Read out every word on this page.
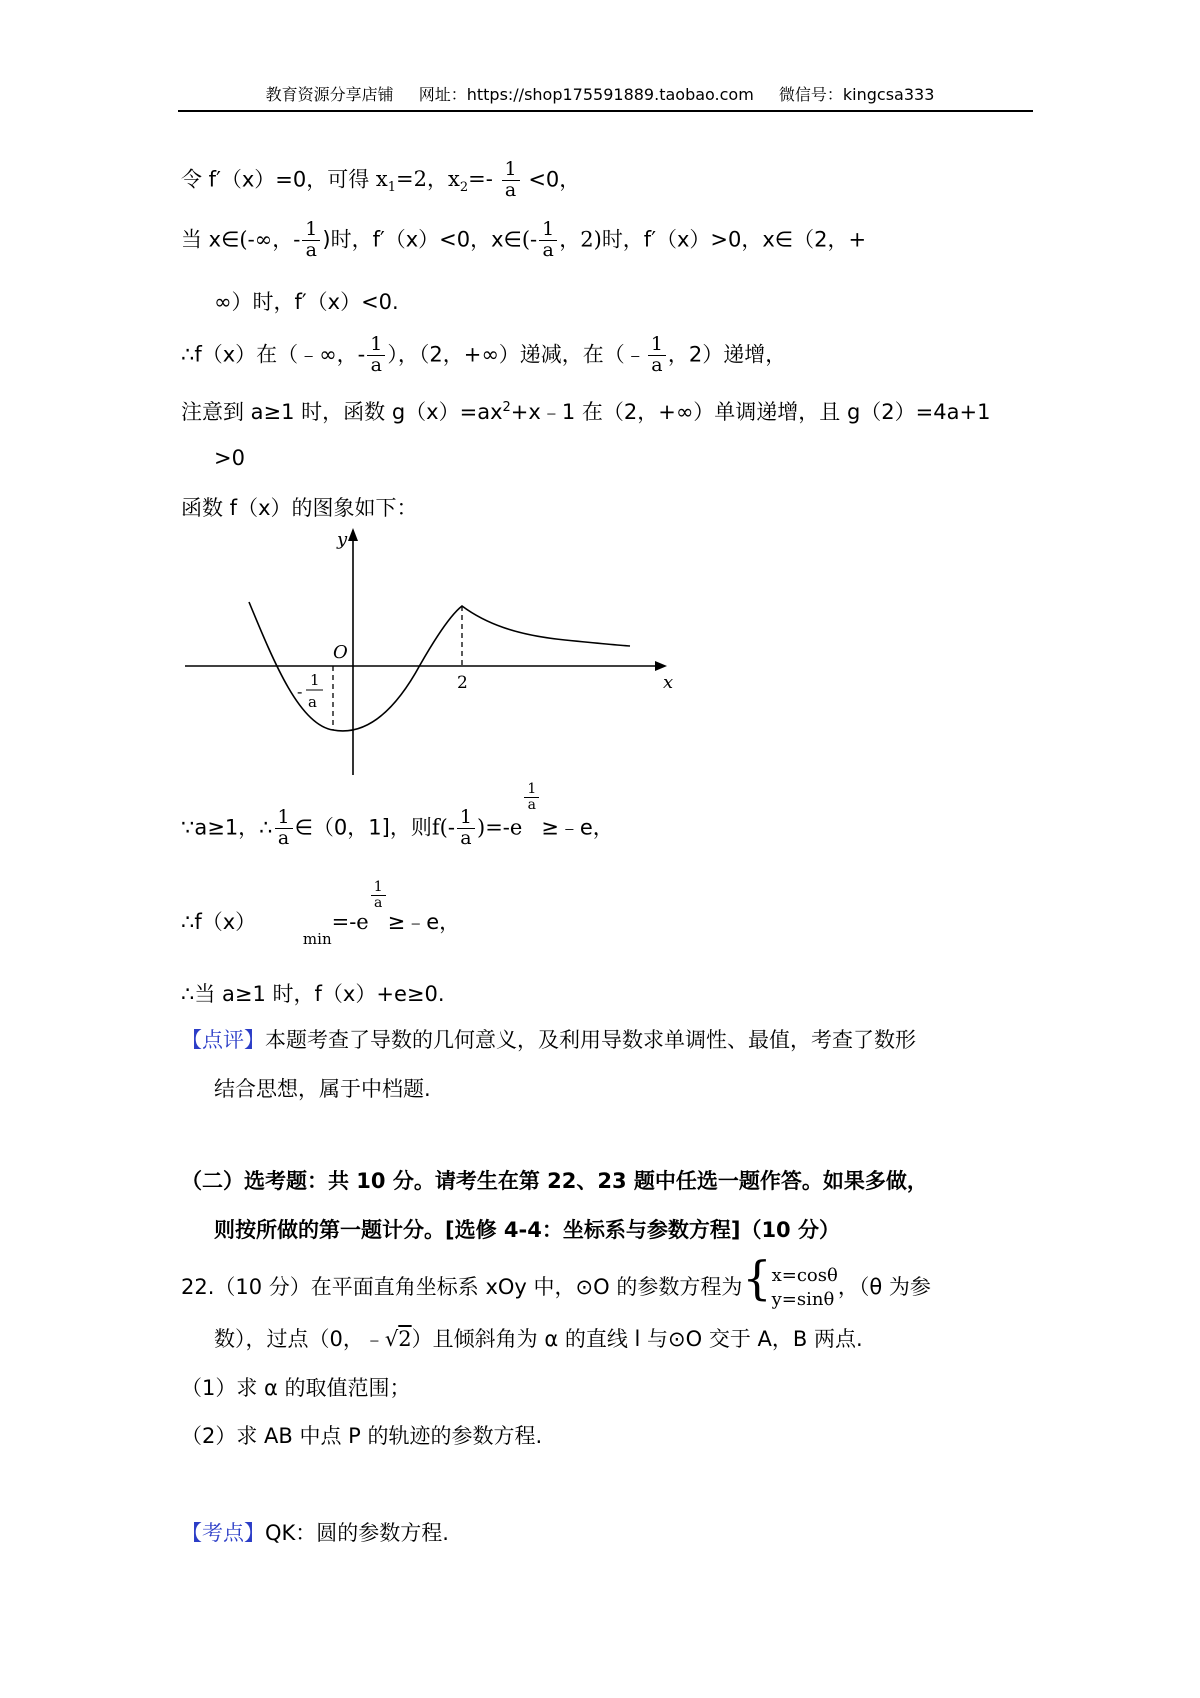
教育资源分享店铺 网址：https://shop175591889.taobao.com 微信号：kingcsa333
令 f′（x）=0，可得 $x_1=2$，$x_2=- \frac{1}{a} <0$，
当 x∈(-∞，- $\frac{1}{a}$ )时，f′（x）<0，x∈(- $\frac{1}{a}$ ，2)时，f′（x）>0，x∈（2，+
∞）时，f′（x）<0.
∴f（x）在（﹣∞，- $\frac{1}{a}$ ），（2，+∞）递减，在（﹣ $\frac{1}{a}$ ，2）递增，
注意到 a≥1 时，函数 $g(x)=ax^2+x﹣1$ 在（2，+∞）单调递增，且 g（2）=4a+1
>0
函数 f（x）的图象如下：
y
x
O
2
-
1
a
∵a≥1，∴ $\frac{1}{a}$ ∈（0，1]，则$f(- \frac{1}{a} )=-e$
$\frac{1}{a}$
≥﹣e，
∴f（x）       $_{min}$=-e
$\frac{1}{a}$
≥﹣e，
∴当 a≥1 时，f（x）+e≥0.
【点评】本题考查了导数的几何意义，及利用导数求单调性、最值，考查了数形
结合思想，属于中档题.
（二）选考题：共 10 分。请考生在第 22、23 题中任选一题作答。如果多做，
则按所做的第一题计分。[选修 4-4：坐标系与参数方程]（10 分）
22.（10 分）在平面直角坐标系 xOy 中，⊙O 的参数方程为{ x=cosθ
y=sinθ
，（θ 为参
数），过点（0，﹣√2）且倾斜角为 α 的直线 l 与⊙O 交于 A，B 两点.
（1）求 α 的取值范围；
（2）求 AB 中点 P 的轨迹的参数方程.
【考点】QK：圆的参数方程.
